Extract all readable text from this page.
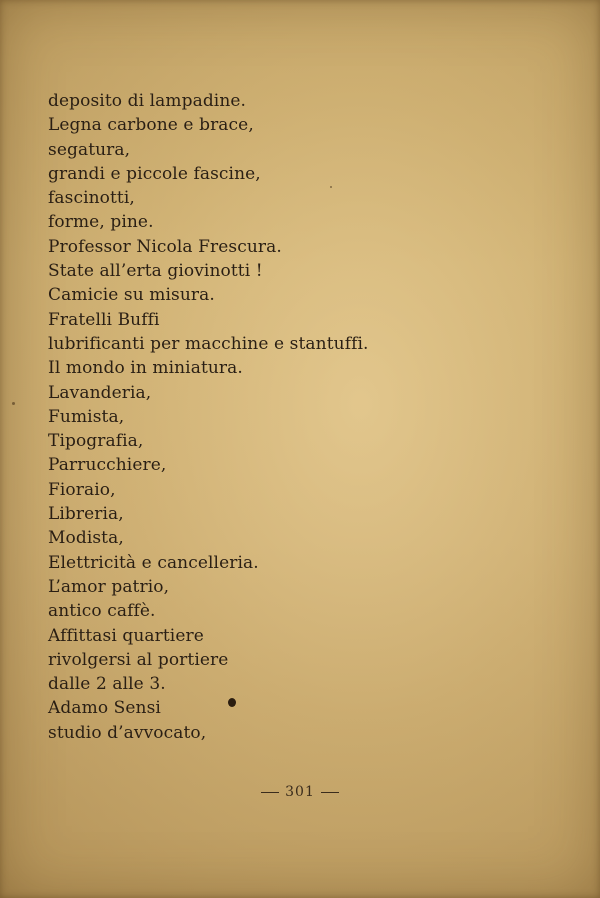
deposito di lampadine.
Legna carbone e brace,
segatura,
grandi e piccole fascine,
fascinotti,
forme, pine.
Professor Nicola Frescura.
State all’erta giovinotti !
Camicie su misura.
Fratelli Buffi
lubrificanti per macchine e stantuffi.
Il mondo in miniatura.
Lavanderia,
Fumista,
Tipografia,
Parrucchiere,
Fioraio,
Libreria,
Modista,
Elettricità e cancelleria.
L’amor patrio,
antico caffè.
Affittasi quartiere
rivolgersi al portiere
dalle 2 alle 3.
Adamo Sensi
studio d’avvocato,
301
